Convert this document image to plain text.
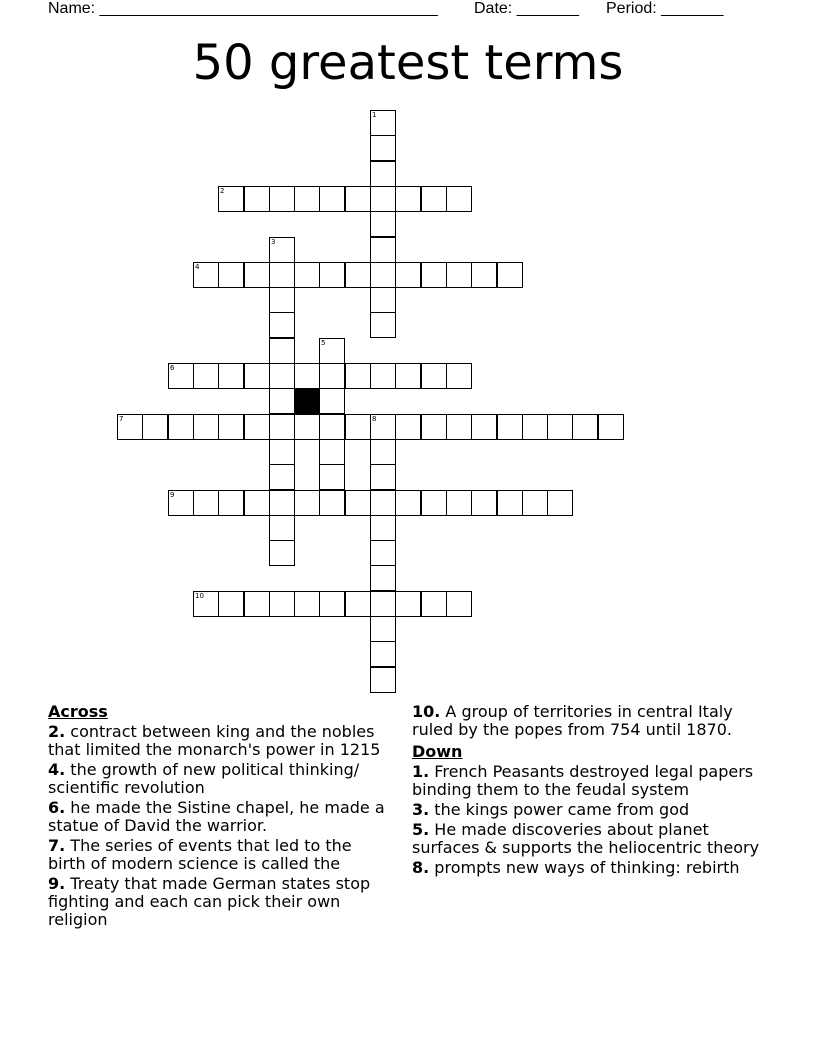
Name: ______________________________________ Date: _______ Period: _______
50 greatest terms
1
2
3
4
5
6
7	8
9
10
Across
2. contract between king and the nobles that limited the monarch's power in 1215
4. the growth of new political thinking/ scientific revolution
6. he made the Sistine chapel, he made a statue of David the warrior.
7. The series of events that led to the birth of modern science is called the
9. Treaty that made German states stop fighting and each can pick their own religion
10. A group of territories in central Italy ruled by the popes from 754 until 1870.
Down
1. French Peasants destroyed legal papers binding them to the feudal system
3. the kings power came from god
5. He made discoveries about planet surfaces & supports the heliocentric theory
8. prompts new ways of thinking: rebirth
